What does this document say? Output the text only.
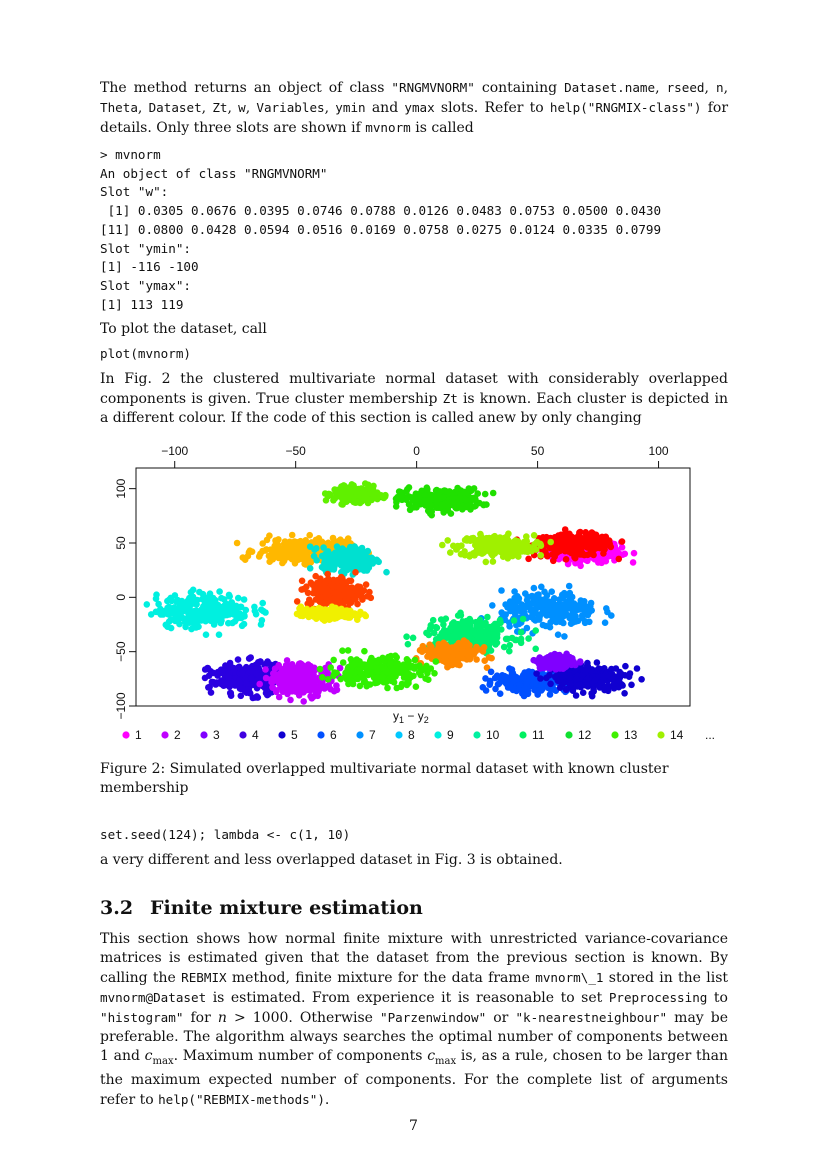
The method returns an object of class "RNGMVNORM" containing Dataset.name, rseed, n, Theta, Dataset, Zt, w, Variables, ymin and ymax slots. Refer to help("RNGMIX-class") for details. Only three slots are shown if mvnorm is called

> mvnorm
An object of class "RNGMVNORM"
Slot "w":
[1] 0.0305 0.0676 0.0395 0.0746 0.0788 0.0126 0.0483 0.0753 0.0500 0.0430
[11] 0.0800 0.0428 0.0594 0.0516 0.0169 0.0758 0.0275 0.0124 0.0335 0.0799
Slot "ymin":
[1] -116 -100
Slot "ymax":
[1] 113 119

To plot the dataset, call

plot(mvnorm)

In Fig. 2 the clustered multivariate normal dataset with considerably overlapped components is given. True cluster membership Zt is known. Each cluster is depicted in a different colour. If the code of this section is called anew by only changing

−100	−50	0	50	100
100
50
0
−50
−100	$y_1 - y_2$
1	2	3	4	5	6	7	8	9	10	11	12	13	14 ...

Figure 2: Simulated overlapped multivariate normal dataset with known cluster membership

set.seed(124); lambda <- c(1, 10)

a very different and less overlapped dataset in Fig. 3 is obtained.

3.2 Finite mixture estimation

This section shows how normal finite mixture with unrestricted variance-covariance matrices is estimated given that the dataset from the previous section is known. By calling the REBMIX method, finite mixture for the data frame mvnorm\_1 stored in the list mvnorm@Dataset is estimated. From experience it is reasonable to set Preprocessing to "histogram" for n > 1000. Otherwise "Parzenwindow" or "k-nearestneighbour" may be preferable. The algorithm always searches the optimal number of components between 1 and $c_{max}$. Maximum number of components $c_{max}$ is, as a rule, chosen to be larger than the maximum expected number of components. For the complete list of arguments refer to help("REBMIX-methods").

7
